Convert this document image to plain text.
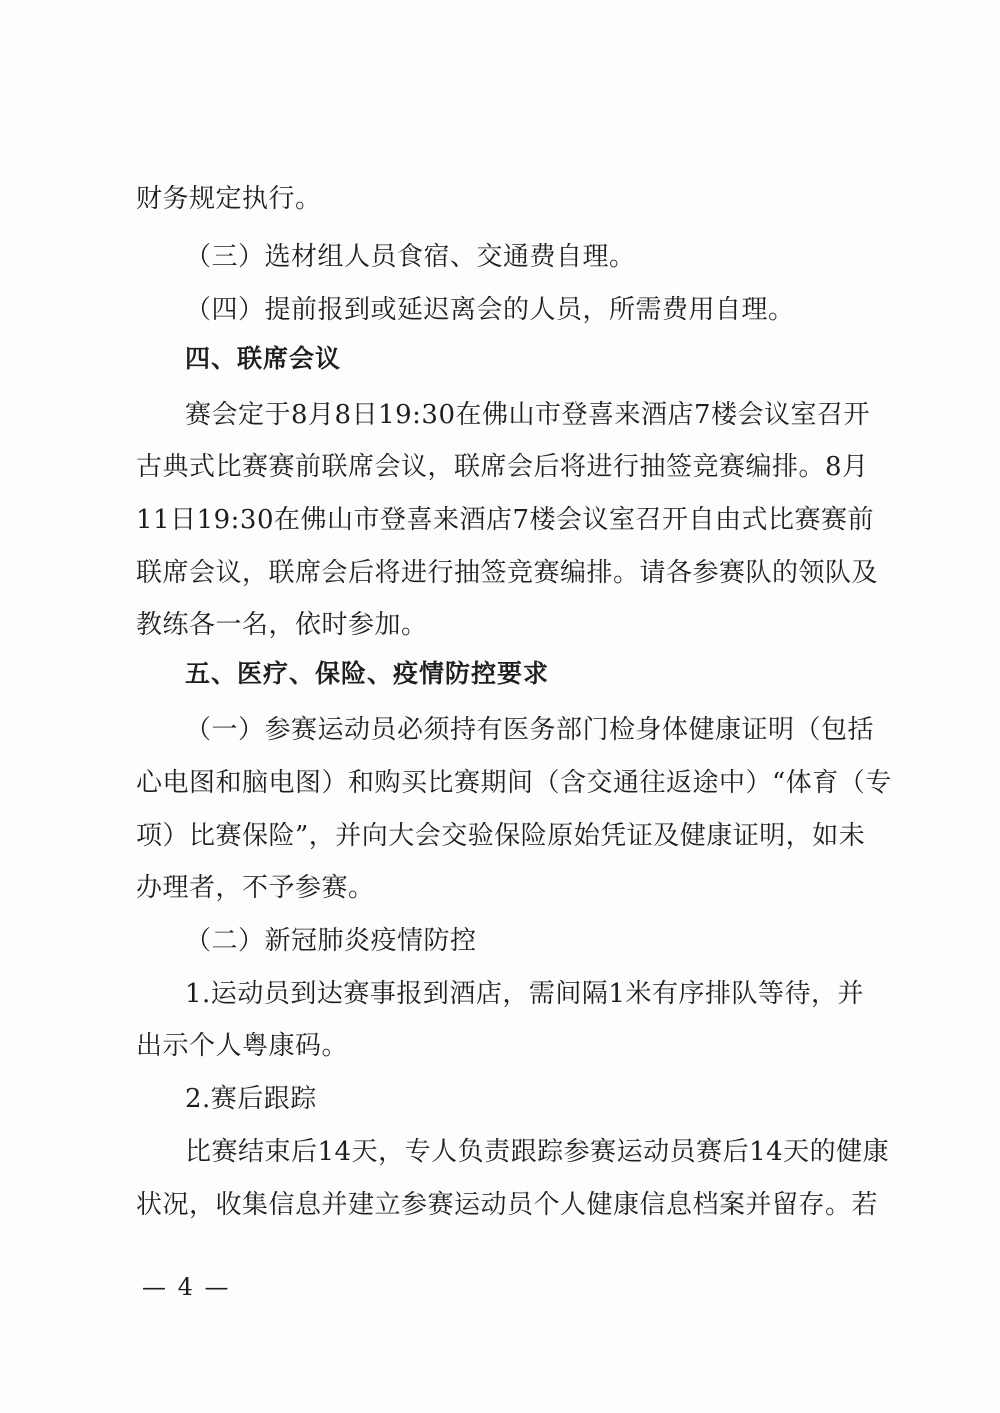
财务规定执行。
（三）选材组人员食宿、交通费自理。
（四）提前报到或延迟离会的人员，所需费用自理。
四、联席会议
赛会定于8月8日19:30在佛山市登喜来酒店7楼会议室召开
古典式比赛赛前联席会议，联席会后将进行抽签竞赛编排。8月
11日19:30在佛山市登喜来酒店7楼会议室召开自由式比赛赛前
联席会议，联席会后将进行抽签竞赛编排。请各参赛队的领队及
教练各一名，依时参加。
五、医疗、保险、疫情防控要求
（一）参赛运动员必须持有医务部门检身体健康证明（包括
心电图和脑电图）和购买比赛期间（含交通往返途中）“体育（专
项）比赛保险”，并向大会交验保险原始凭证及健康证明，如未
办理者，不予参赛。
（二）新冠肺炎疫情防控
1.运动员到达赛事报到酒店，需间隔1米有序排队等待，并
出示个人粤康码。
2.赛后跟踪
比赛结束后14天，专人负责跟踪参赛运动员赛后14天的健康
状况，收集信息并建立参赛运动员个人健康信息档案并留存。若
— 4 —
